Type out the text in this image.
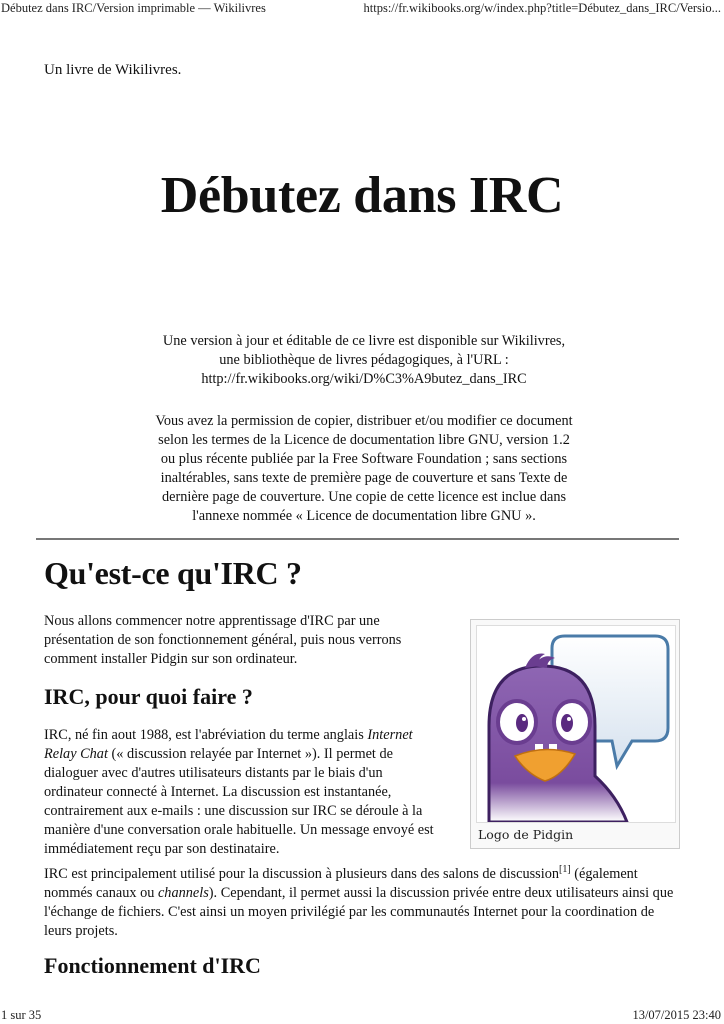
Débutez dans IRC/Version imprimable — Wikilivres	https://fr.wikibooks.org/w/index.php?title=Débutez_dans_IRC/Versio...
Un livre de Wikilivres.
Débutez dans IRC
Une version à jour et éditable de ce livre est disponible sur Wikilivres,
une bibliothèque de livres pédagogiques, à l'URL :
http://fr.wikibooks.org/wiki/D%C3%A9butez_dans_IRC
Vous avez la permission de copier, distribuer et/ou modifier ce document
selon les termes de la Licence de documentation libre GNU, version 1.2
ou plus récente publiée par la Free Software Foundation ; sans sections
inaltérables, sans texte de première page de couverture et sans Texte de
dernière page de couverture. Une copie de cette licence est inclue dans
l'annexe nommée « Licence de documentation libre GNU ».
Qu'est-ce qu'IRC ?
Nous allons commencer notre apprentissage d'IRC par une
présentation de son fonctionnement général, puis nous verrons
comment installer Pidgin sur son ordinateur.
IRC, pour quoi faire ?

IRC, né fin aout 1988, est l'abréviation du terme anglais Internet Relay Chat (« discussion relayée par Internet »). Il permet de dialoguer avec d'autres utilisateurs distants par le biais d'un ordinateur connecté à Internet. La discussion est instantanée, contrairement aux e-mails : une discussion sur IRC se déroule à la manière d'une conversation orale habituelle. Un message envoyé est immédiatement reçu par son destinataire.

Logo de Pidgin

IRC est principalement utilisé pour la discussion à plusieurs dans des salons de discussion[1] (également nommés canaux ou channels). Cependant, il permet aussi la discussion privée entre deux utilisateurs ainsi que l'échange de fichiers. C'est ainsi un moyen privilégié par les communautés Internet pour la coordination de leurs projets.

Fonctionnement d'IRC
1 sur 35	13/07/2015 23:40
